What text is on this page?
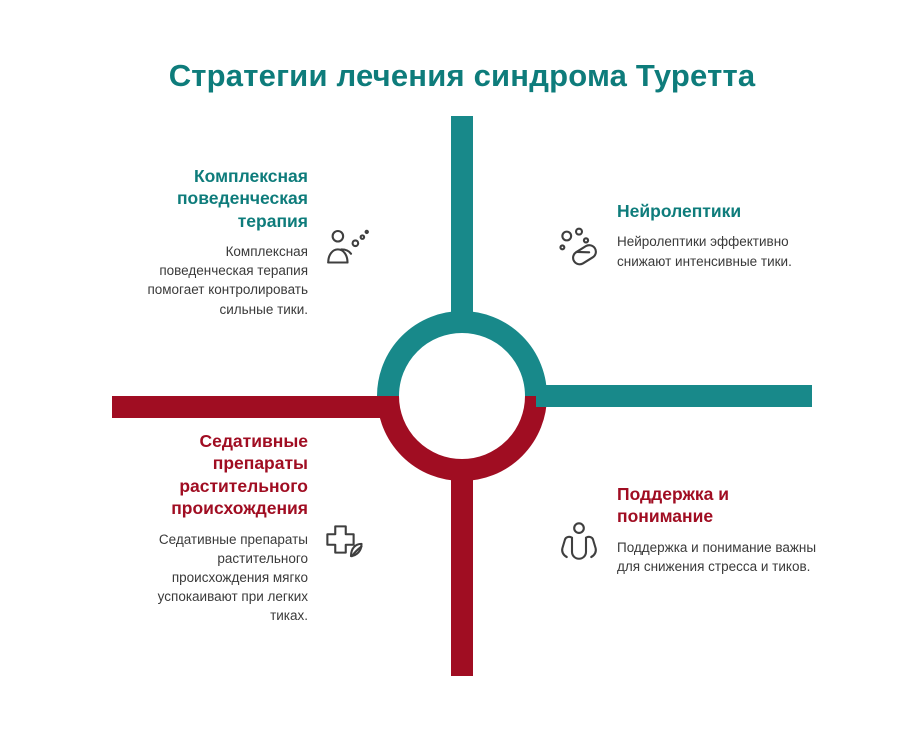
Стратегии лечения синдрома Туретта
Комплексная поведенческая терапия

Комплексная поведенческая терапия помогает контролировать сильные тики.

Нейролептики

Нейролептики эффективно снижают интенсивные тики.

Седативные препараты растительного происхождения

Седативные препараты растительного происхождения мягко успокаивают при легких тиках.

Поддержка и понимание

Поддержка и понимание важны для снижения стресса и тиков.
